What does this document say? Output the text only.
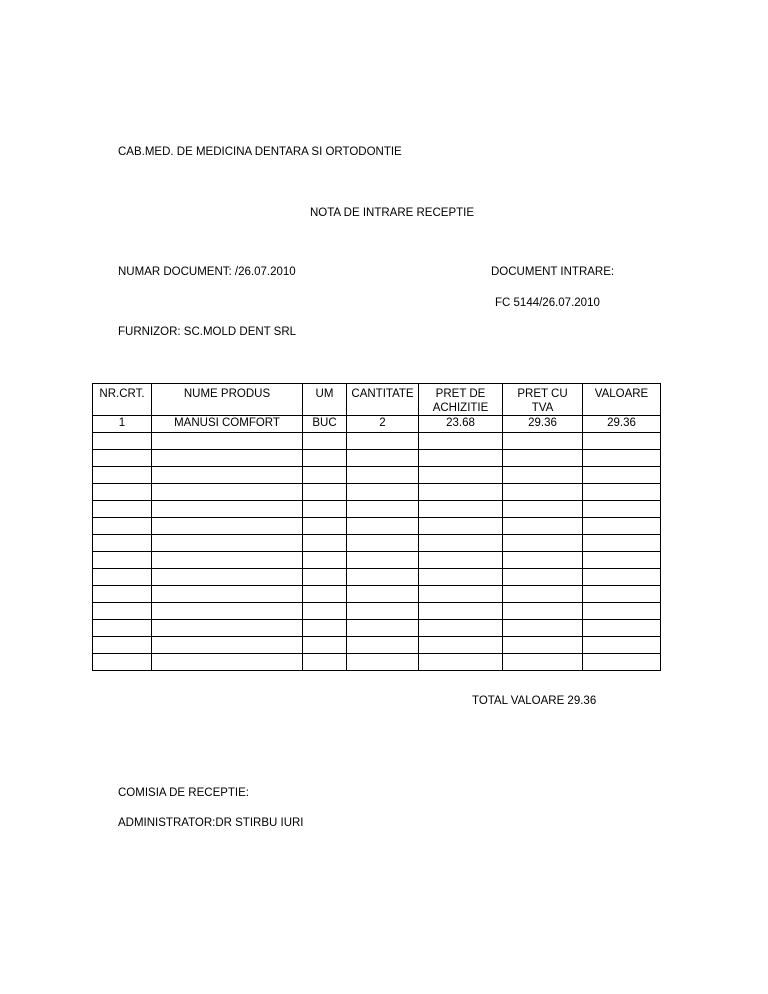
CAB.MED. DE MEDICINA DENTARA SI ORTODONTIE
NOTA DE INTRARE RECEPTIE
NUMAR DOCUMENT: /26.07.2010	DOCUMENT INTRARE:
FC 5144/26.07.2010
FURNIZOR: SC.MOLD DENT SRL
NR.CRT.	NUME PRODUS	UM	CANTITATE	PRET DE ACHIZITIE	PRET CU TVA	VALOARE
1	MANUSI COMFORT	BUC	2	23.68	29.36	29.36

TOTAL VALOARE 29.36
COMISIA DE RECEPTIE:
ADMINISTRATOR:DR STIRBU IURI
